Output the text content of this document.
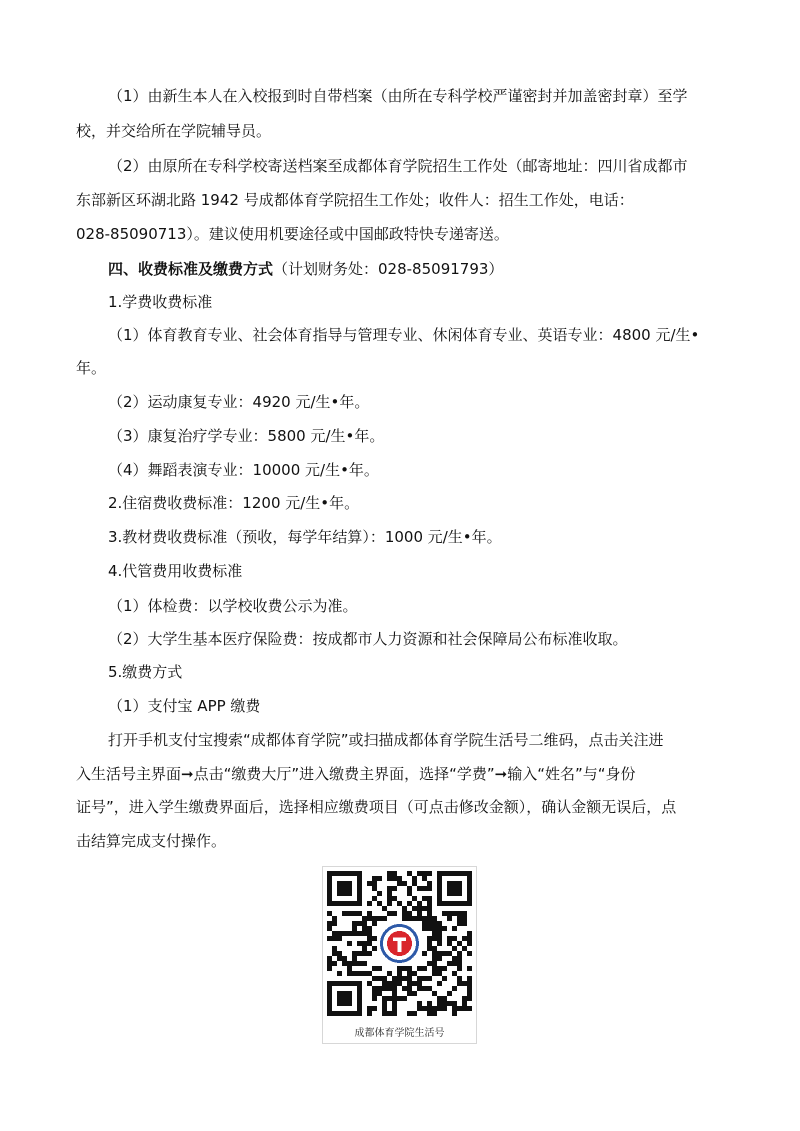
（1）由新生本人在入校报到时自带档案（由所在专科学校严谨密封并加盖密封章）至学
校，并交给所在学院辅导员。
（2）由原所在专科学校寄送档案至成都体育学院招生工作处（邮寄地址：四川省成都市
东部新区环湖北路 1942 号成都体育学院招生工作处；收件人：招生工作处，电话：
028-85090713）。建议使用机要途径或中国邮政特快专递寄送。
四、收费标准及缴费方式（计划财务处：028-85091793）
1.学费收费标准
（1）体育教育专业、社会体育指导与管理专业、休闲体育专业、英语专业：4800 元/生•
年。
（2）运动康复专业：4920 元/生•年。
（3）康复治疗学专业：5800 元/生•年。
（4）舞蹈表演专业：10000 元/生•年。
2.住宿费收费标准：1200 元/生•年。
3.教材费收费标准（预收，每学年结算）：1000 元/生•年。
4.代管费用收费标准
（1）体检费：以学校收费公示为准。
（2）大学生基本医疗保险费：按成都市人力资源和社会保障局公布标准收取。
5.缴费方式
（1）支付宝 APP 缴费
打开手机支付宝搜索“成都体育学院”或扫描成都体育学院生活号二维码，点击关注进
入生活号主界面➞点击“缴费大厅”进入缴费主界面，选择“学费”➞输入“姓名”与“身份
证号”，进入学生缴费界面后，选择相应缴费项目（可点击修改金额），确认金额无误后，点
击结算完成支付操作。
成都体育学院生活号
